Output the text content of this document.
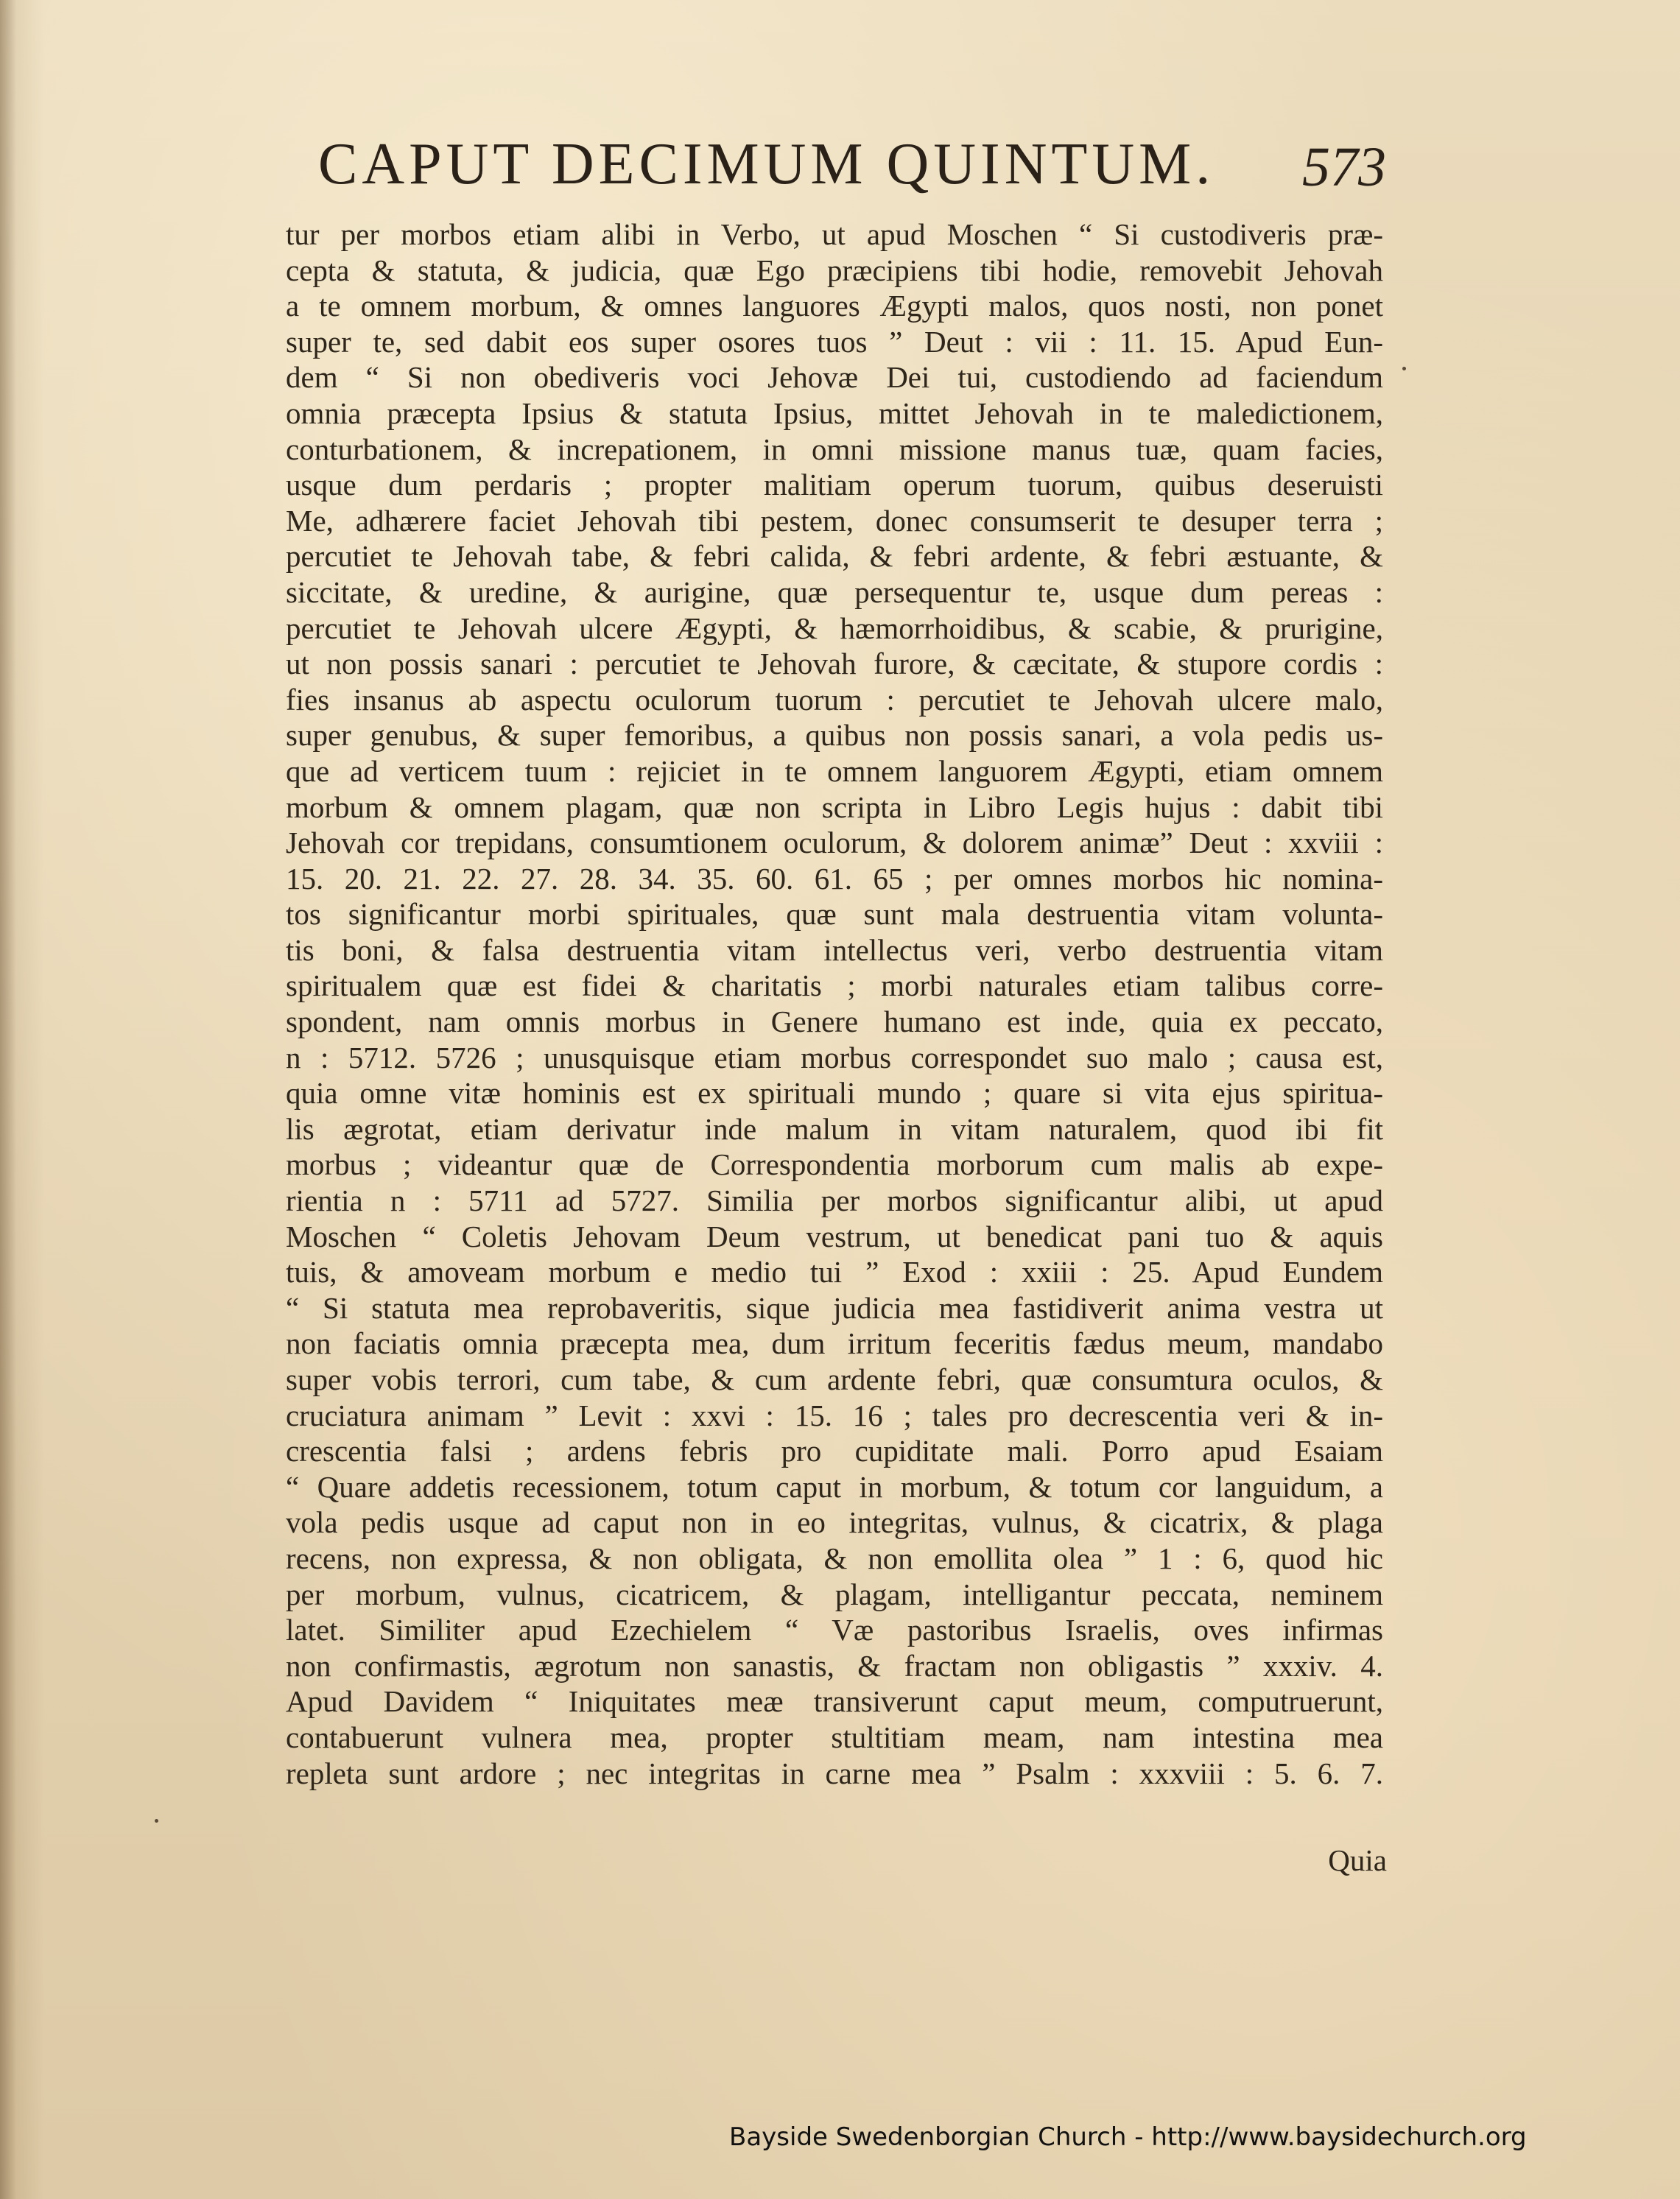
CAPUT DECIMUM QUINTUM. 573
tur per morbos etiam alibi in Verbo, ut apud Moschen “ Si custodiveris præ-
cepta & statuta, & judicia, quæ Ego præcipiens tibi hodie, removebit Jehovah
a te omnem morbum, & omnes languores Ægypti malos, quos nosti, non ponet
super te, sed dabit eos super osores tuos ” Deut : vii : 11. 15. Apud Eun-
dem “ Si non obediveris voci Jehovæ Dei tui, custodiendo ad faciendum
omnia præcepta Ipsius & statuta Ipsius, mittet Jehovah in te maledictionem,
conturbationem, & increpationem, in omni missione manus tuæ, quam facies,
usque dum perdaris ; propter malitiam operum tuorum, quibus deseruisti
Me, adhærere faciet Jehovah tibi pestem, donec consumserit te desuper terra ;
percutiet te Jehovah tabe, & febri calida, & febri ardente, & febri æstuante, &
siccitate, & uredine, & aurigine, quæ persequentur te, usque dum pereas :
percutiet te Jehovah ulcere Ægypti, & hæmorrhoidibus, & scabie, & prurigine,
ut non possis sanari : percutiet te Jehovah furore, & cæcitate, & stupore cordis :
fies insanus ab aspectu oculorum tuorum : percutiet te Jehovah ulcere malo,
super genubus, & super femoribus, a quibus non possis sanari, a vola pedis us-
que ad verticem tuum : rejiciet in te omnem languorem Ægypti, etiam omnem
morbum & omnem plagam, quæ non scripta in Libro Legis hujus : dabit tibi
Jehovah cor trepidans, consumtionem oculorum, & dolorem animæ” Deut : xxviii :
15. 20. 21. 22. 27. 28. 34. 35. 60. 61. 65 ; per omnes morbos hic nomina-
tos significantur morbi spirituales, quæ sunt mala destruentia vitam volunta-
tis boni, & falsa destruentia vitam intellectus veri, verbo destruentia vitam
spiritualem quæ est fidei & charitatis ; morbi naturales etiam talibus corre-
spondent, nam omnis morbus in Genere humano est inde, quia ex peccato,
n : 5712. 5726 ; unusquisque etiam morbus correspondet suo malo ; causa est,
quia omne vitæ hominis est ex spirituali mundo ; quare si vita ejus spiritua-
lis ægrotat, etiam derivatur inde malum in vitam naturalem, quod ibi fit
morbus ; videantur quæ de Correspondentia morborum cum malis ab expe-
rientia n : 5711 ad 5727. Similia per morbos significantur alibi, ut apud
Moschen “ Coletis Jehovam Deum vestrum, ut benedicat pani tuo & aquis
tuis, & amoveam morbum e medio tui ” Exod : xxiii : 25. Apud Eundem
“ Si statuta mea reprobaveritis, sique judicia mea fastidiverit anima vestra ut
non faciatis omnia præcepta mea, dum irritum feceritis fædus meum, mandabo
super vobis terrori, cum tabe, & cum ardente febri, quæ consumtura oculos, &
cruciatura animam ” Levit : xxvi : 15. 16 ; tales pro decrescentia veri & in-
crescentia falsi ; ardens febris pro cupiditate mali. Porro apud Esaiam
“ Quare addetis recessionem, totum caput in morbum, & totum cor languidum, a
vola pedis usque ad caput non in eo integritas, vulnus, & cicatrix, & plaga
recens, non expressa, & non obligata, & non emollita olea ” 1 : 6, quod hic
per morbum, vulnus, cicatricem, & plagam, intelligantur peccata, neminem
latet. Similiter apud Ezechielem “ Væ pastoribus Israelis, oves infirmas
non confirmastis, ægrotum non sanastis, & fractam non obligastis ” xxxiv. 4.
Apud Davidem “ Iniquitates meæ transiverunt caput meum, computruerunt,
contabuerunt vulnera mea, propter stultitiam meam, nam intestina mea
repleta sunt ardore ; nec integritas in carne mea ” Psalm : xxxviii : 5. 6. 7.
Quia
Bayside Swedenborgian Church - http://www.baysidechurch.org
